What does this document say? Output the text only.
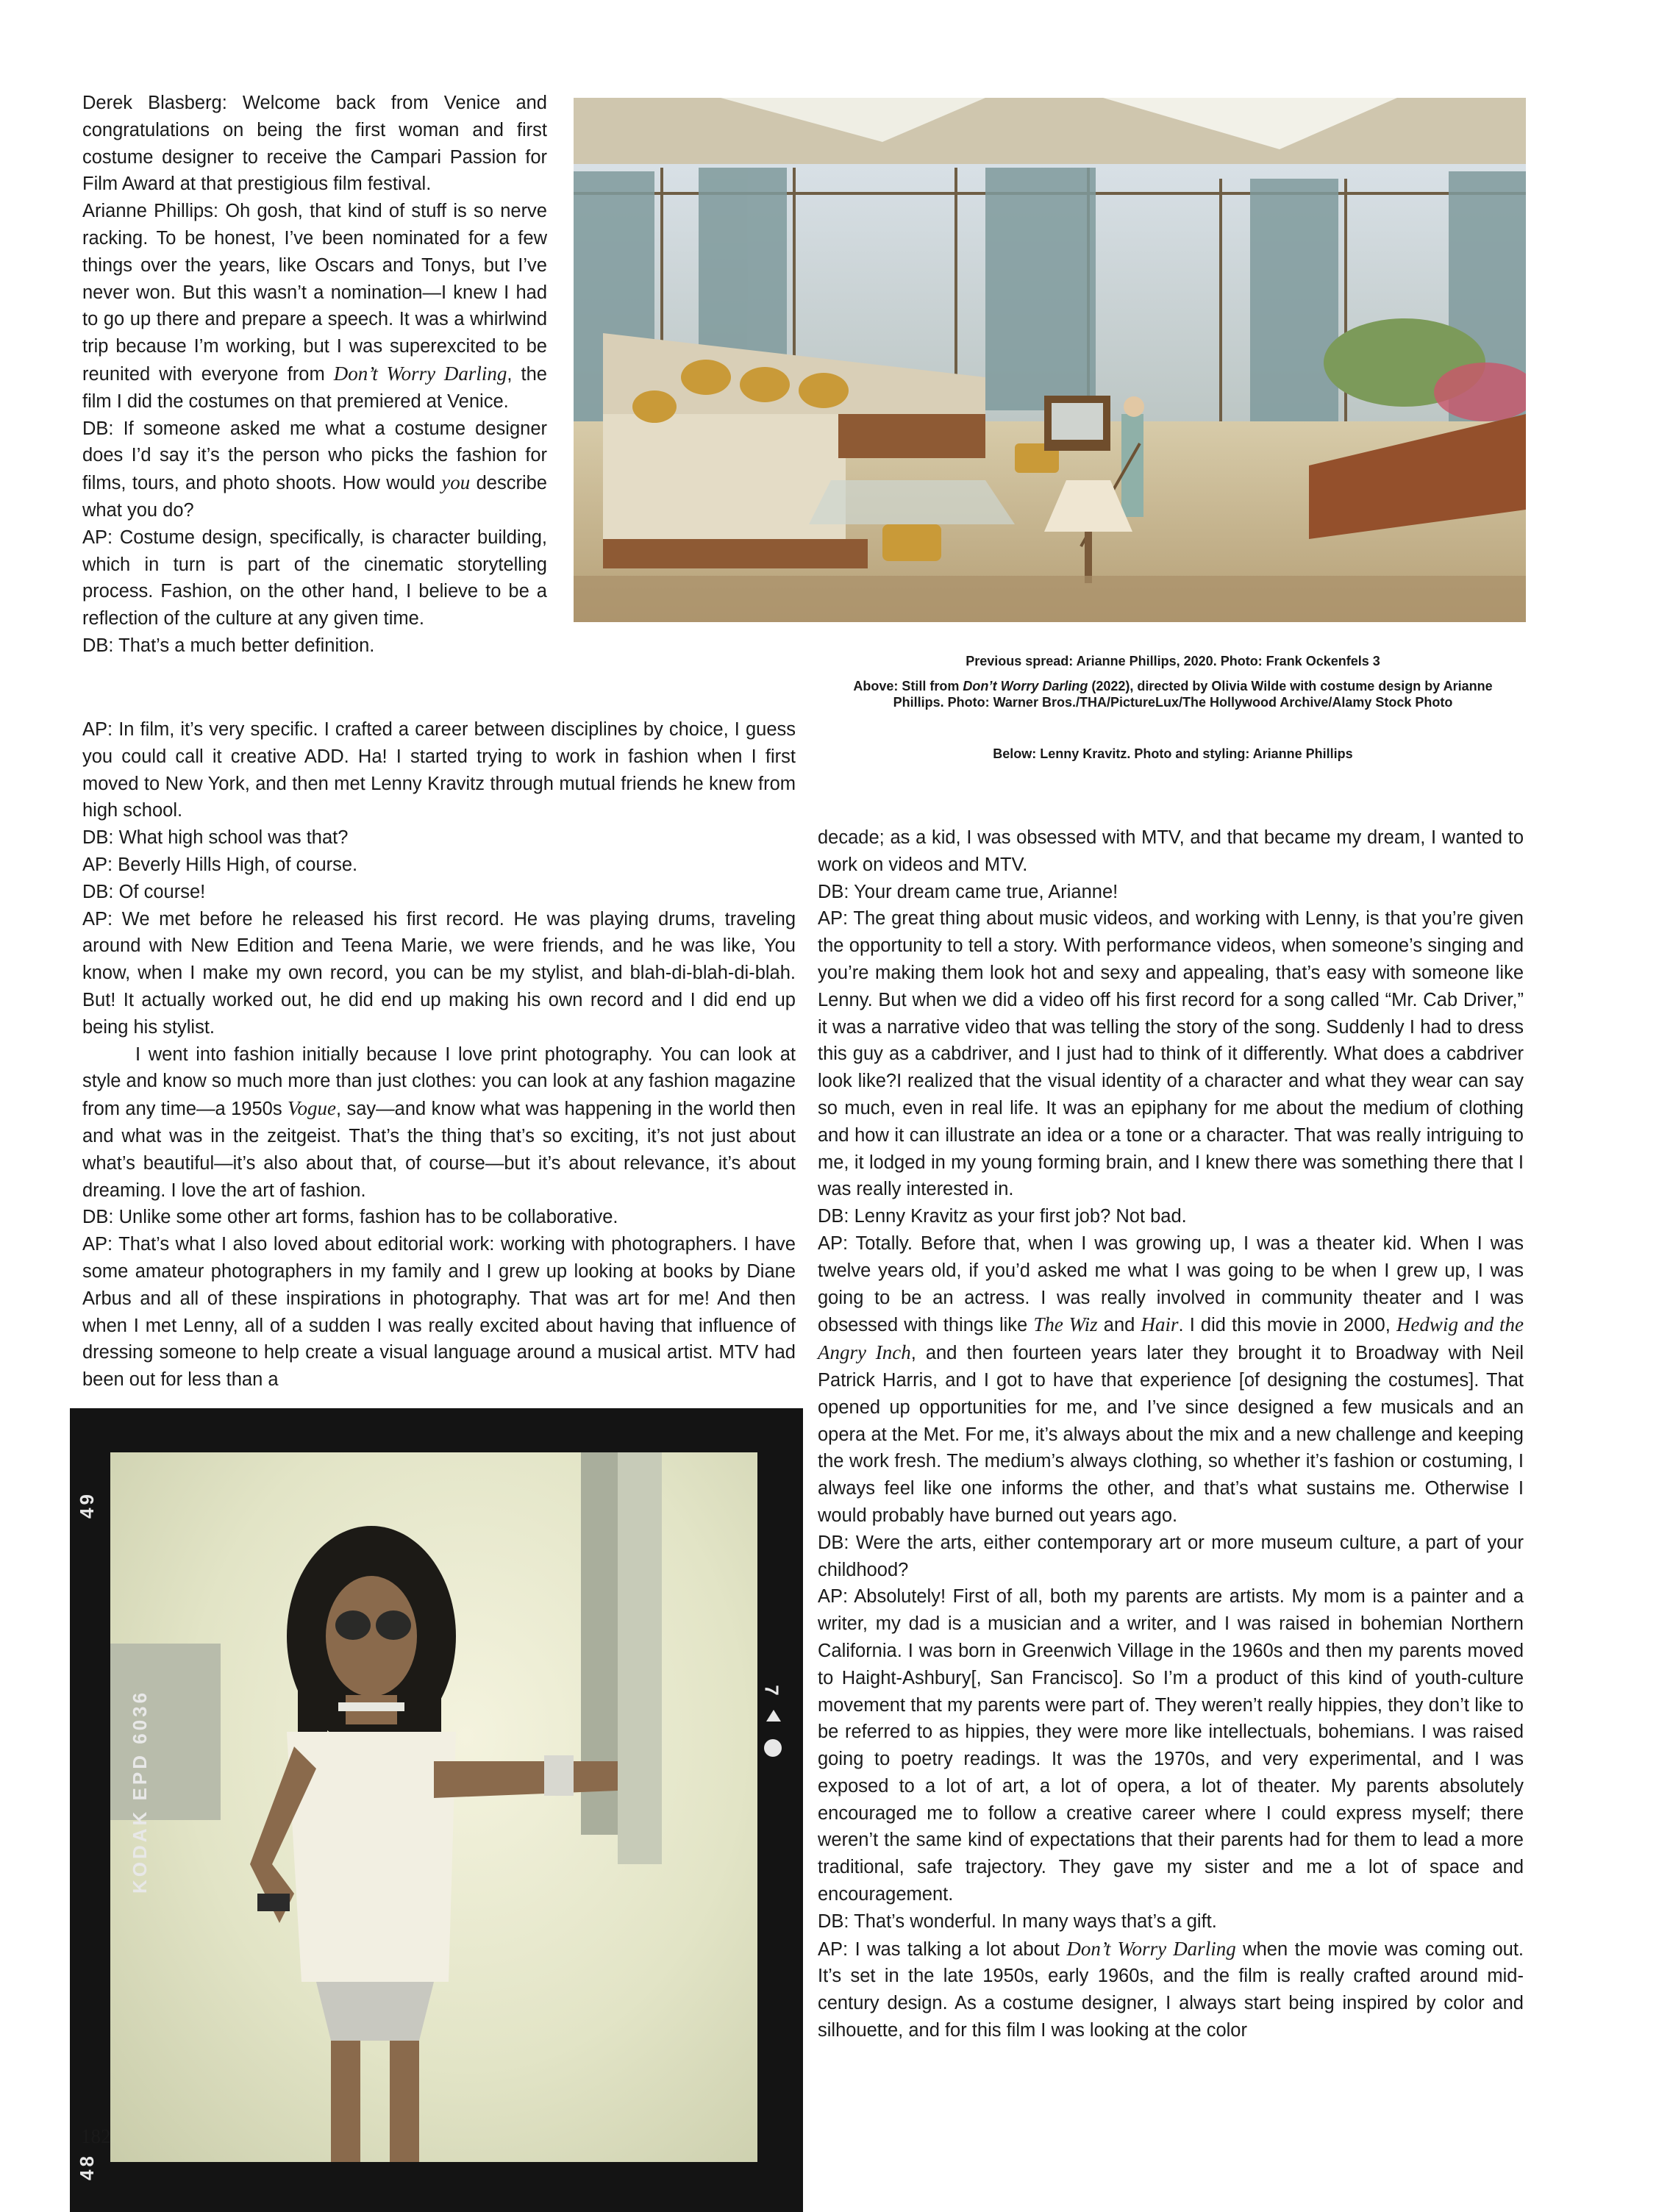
Derek Blasberg: Welcome back from Venice and congratulations on being the first woman and first costume designer to receive the Campari Passion for Film Award at that prestigious film festival.

Arianne Phillips: Oh gosh, that kind of stuff is so nerve racking. To be honest, I’ve been nominated for a few things over the years, like Oscars and Tonys, but I’ve never won. But this wasn’t a nomination—I knew I had to go up there and prepare a speech. It was a whirlwind trip because I’m working, but I was superexcited to be reunited with everyone from Don’t Worry Darling, the film I did the costumes on that premiered at Venice.

DB: If someone asked me what a costume designer does I’d say it’s the person who picks the fashion for films, tours, and photo shoots. How would you describe what you do?

AP: Costume design, specifically, is character building, which in turn is part of the cinematic storytelling process. Fashion, on the other hand, I believe to be a reflection of the culture at any given time.

DB: That’s a much better definition.

Previous spread: Arianne Phillips, 2020. Photo: Frank Ockenfels 3
Above: Still from Don’t Worry Darling (2022), directed by Olivia Wilde with costume design by Arianne Phillips. Photo: Warner Bros./THA/PictureLux/The Hollywood Archive/Alamy Stock Photo
Below: Lenny Kravitz. Photo and styling: Arianne Phillips

AP: In film, it’s very specific. I crafted a career between disciplines by choice, I guess you could call it creative ADD. Ha! I started trying to work in fashion when I first moved to New York, and then met Lenny Kravitz through mutual friends he knew from high school.

DB: What high school was that?

AP: Beverly Hills High, of course.

DB: Of course!

AP: We met before he released his first record. He was playing drums, traveling around with New Edition and Teena Marie, we were friends, and he was like, You know, when I make my own record, you can be my stylist, and blah-di-blah-di-blah. But! It actually worked out, he did end up making his own record and I did end up being his stylist.

I went into fashion initially because I love print photography. You can look at style and know so much more than just clothes: you can look at any fashion magazine from any time—a 1950s Vogue, say—and know what was happening in the world then and what was in the zeitgeist. That’s the thing that’s so exciting, it’s not just about what’s beautiful—it’s also about that, of course—but it’s about relevance, it’s about dreaming. I love the art of fashion.

DB: Unlike some other art forms, fashion has to be collaborative.

AP: That’s what I also loved about editorial work: working with photographers. I have some amateur photographers in my family and I grew up looking at books by Diane Arbus and all of these inspirations in photography. That was art for me! And then when I met Lenny, all of a sudden I was really excited about having that influence of dressing someone to help create a visual language around a musical artist. MTV had been out for less than a

decade; as a kid, I was obsessed with MTV, and that became my dream, I wanted to work on videos and MTV.

DB: Your dream came true, Arianne!

AP: The great thing about music videos, and working with Lenny, is that you’re given the opportunity to tell a story. With performance videos, when someone’s singing and you’re making them look hot and sexy and appealing, that’s easy with someone like Lenny. But when we did a video off his first record for a song called “Mr. Cab Driver,” it was a narrative video that was telling the story of the song. Suddenly I had to dress this guy as a cabdriver, and I just had to think of it differently. What does a cabdriver look like?I realized that the visual identity of a character and what they wear can say so much, even in real life. It was an epiphany for me about the medium of clothing and how it can illustrate an idea or a tone or a character. That was really intriguing to me, it lodged in my young forming brain, and I knew there was something there that I was really interested in.

DB: Lenny Kravitz as your first job? Not bad.

AP: Totally. Before that, when I was growing up, I was a theater kid. When I was twelve years old, if you’d asked me what I was going to be when I grew up, I was going to be an actress. I was really involved in community theater and I was obsessed with things like The Wiz and Hair. I did this movie in 2000, Hedwig and the Angry Inch, and then fourteen years later they brought it to Broadway with Neil Patrick Harris, and I got to have that experience [of designing the costumes]. That opened up opportunities for me, and I’ve since designed a few musicals and an opera at the Met. For me, it’s always about the mix and a new challenge and keeping the work fresh. The medium’s always clothing, so whether it’s fashion or costuming, I always feel like one informs the other, and that’s what sustains me. Otherwise I would probably have burned out years ago.

DB: Were the arts, either contemporary art or more museum culture, a part of your childhood?

AP: Absolutely! First of all, both my parents are artists. My mom is a painter and a writer, my dad is a musician and a writer, and I was raised in bohemian Northern California. I was born in Greenwich Village in the 1960s and then my parents moved to Haight-Ashbury[, San Francisco]. So I’m a product of this kind of youth-culture movement that my parents were part of. They weren’t really hippies, they don’t like to be referred to as hippies, they were more like intellectuals, bohemians. I was raised going to poetry readings. It was the 1970s, and very experimental, and I was exposed to a lot of art, a lot of opera, a lot of theater. My parents absolutely encouraged me to follow a creative career where I could express myself; there weren’t the same kind of expectations that their parents had for them to lead a more traditional, safe trajectory. They gave my sister and me a lot of space and encouragement.

DB: That’s wonderful. In many ways that’s a gift.

AP: I was talking a lot about Don’t Worry Darling when the movie was coming out. It’s set in the late 1950s, early 1960s, and the film is really crafted around mid-century design. As a costume designer, I always start being inspired by color and silhouette, and for this film I was looking at the color

49
KODAK EPD 6036
48
7
182
